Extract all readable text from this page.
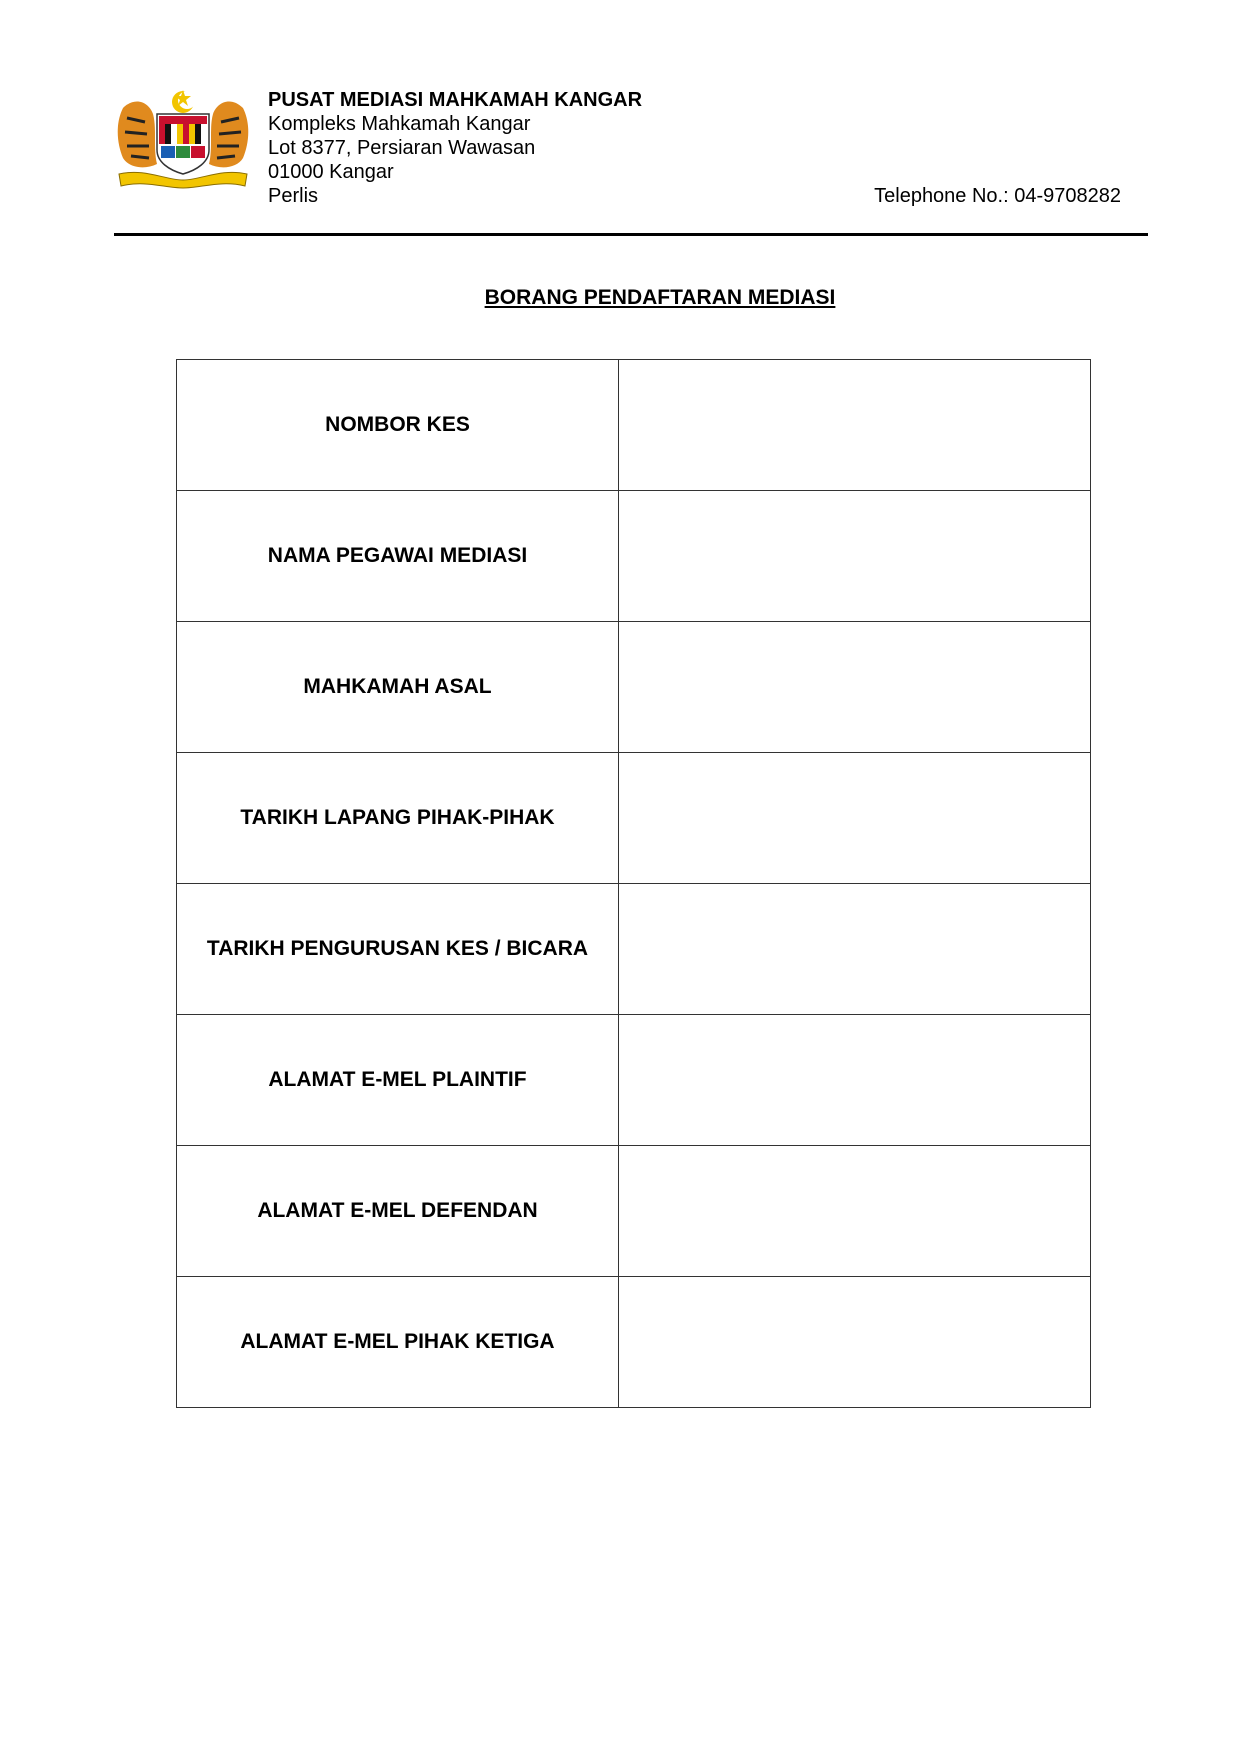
PUSAT MEDIASI MAHKAMAH KANGAR
Kompleks Mahkamah Kangar
Lot 8377, Persiaran Wawasan
01000 Kangar
Perlis	Telephone No.: 04-9708282
BORANG PENDAFTARAN MEDIASI
NOMBOR KES	
NAMA PEGAWAI MEDIASI	
MAHKAMAH ASAL	
TARIKH LAPANG PIHAK-PIHAK	
TARIKH PENGURUSAN KES / BICARA	
ALAMAT E-MEL PLAINTIF	
ALAMAT E-MEL DEFENDAN	
ALAMAT E-MEL PIHAK KETIGA	
